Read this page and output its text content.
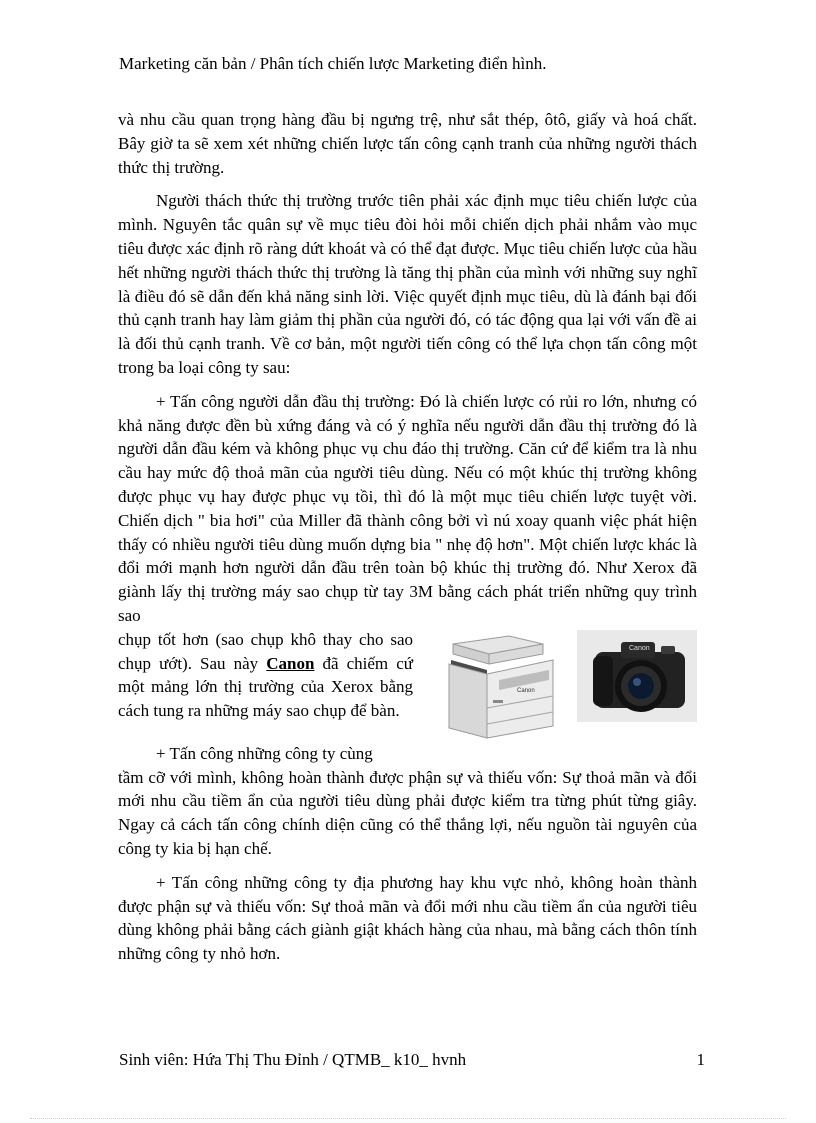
Marketing căn bản / Phân tích chiến lược Marketing điển hình.

và nhu cầu quan trọng hàng đầu bị ngưng trệ, như sắt thép, ôtô, giấy và hoá chất. Bây giờ ta sẽ xem xét những chiến lược tấn công cạnh tranh của những người thách thức thị trường.

Người thách thức thị trường trước tiên phải xác định mục tiêu chiến lược của mình. Nguyên tắc quân sự về mục tiêu đòi hỏi mỗi chiến dịch phải nhắm vào mục tiêu được xác định rõ ràng dứt khoát và có thể đạt được. Mục tiêu chiến lược của hầu hết những người thách thức thị trường là tăng thị phần của mình với những suy nghĩ là điều đó sẽ dẫn đến khả năng sinh lời. Việc quyết định mục tiêu, dù là đánh bại đối thủ cạnh tranh hay làm giảm thị phần của người đó, có tác động qua lại với vấn đề ai là đối thủ cạnh tranh. Về cơ bản, một người tiến công có thể lựa chọn tấn công một trong ba loại công ty sau:

+ Tấn công người dẫn đầu thị trường: Đó là chiến lược có rủi ro lớn, nhưng có khả năng được đền bù xứng đáng và có ý nghĩa nếu người dẫn đầu thị trường đó là người dẫn đầu kém và không phục vụ chu đáo thị trường. Căn cứ để kiểm tra là nhu cầu hay mức độ thoả mãn của người tiêu dùng. Nếu có một khúc thị trường không được phục vụ hay được phục vụ tồi, thì đó là một mục tiêu chiến lược tuyệt vời. Chiến dịch " bia hơi" của Miller đã thành công bởi vì nú xoay quanh việc phát hiện thấy có nhiều người tiêu dùng muốn dựng bia " nhẹ độ hơn". Một chiến lược khác là đổi mới mạnh hơn người dẫn đầu trên toàn bộ khúc thị trường đó. Như Xerox đã giành lấy thị trường máy sao chụp từ tay 3M bằng cách phát triển những quy trình sao

chụp tốt hơn (sao chụp khô thay cho sao chụp ướt). Sau này Canon đã chiếm cứ một mảng lớn thị trường của Xerox bằng cách tung ra những máy sao chụp để bàn.
Canon
Canon

+ Tấn công những công ty cùng

tầm cỡ với mình, không hoàn thành được phận sự và thiếu vốn: Sự thoả mãn và đổi mới nhu cầu tiềm ẩn của người tiêu dùng phải được kiểm tra từng phút từng giây. Ngay cả cách tấn công chính diện cũng có thể thắng lợi, nếu nguồn tài nguyên của công ty kia bị hạn chế.

+ Tấn công những công ty địa phương hay khu vực nhỏ, không hoàn thành được phận sự và thiếu vốn: Sự thoả mãn và đổi mới nhu cầu tiềm ẩn của người tiêu dùng không phải bằng cách giành giật khách hàng của nhau, mà bằng cách thôn tính những công ty nhỏ hơn.

Sinh viên: Hứa Thị Thu Đỉnh / QTMB_ k10_ hvnh	1
